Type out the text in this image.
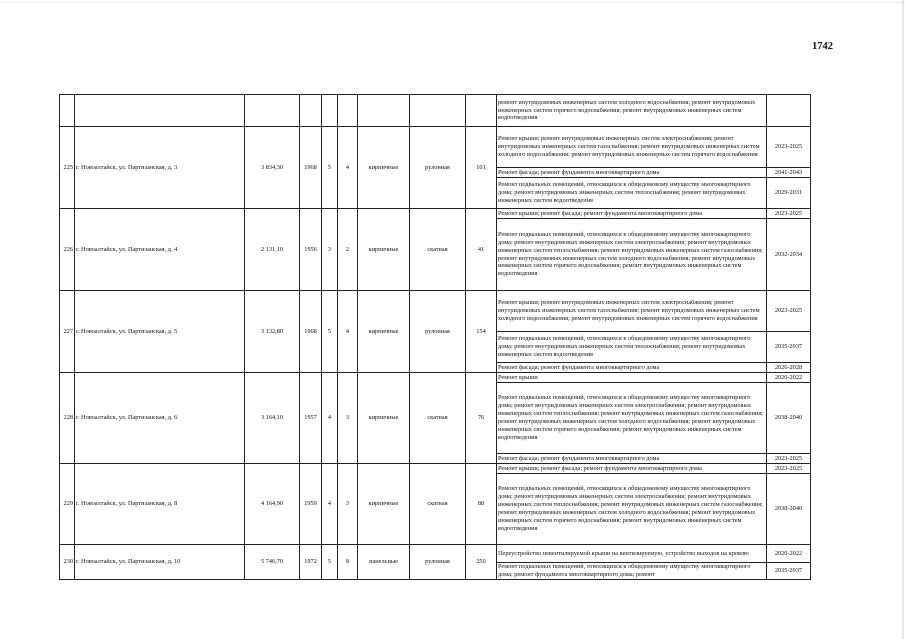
1742
									ремонт внутридомовых инженерных систем холодного водоснабжения; ремонт внутридомовых инженерных систем горячего водоснабжения; ремонт внутридомовых инженерных систем водоотведения	
225	г. Новоалтайск, ул. Партизанская, д. 3	3 834,30	1968	5	4	кирпичные	рулонная	101	Ремонт крыши; ремонт внутридомовых инженерных систем электроснабжения; ремонт внутридомовых инженерных систем газоснабжения; ремонт внутридомовых инженерных систем холодного водоснабжения; ремонт внутридомовых инженерных систем горячего водоснабжения	2023-2025
									Ремонт фасада; ремонт фундамента многоквартирного дома	2041-2043
									Ремонт подвальных помещений, относящихся к общедомовому имуществу многоквартирного дома; ремонт внутридомовых инженерных систем теплоснабжения; ремонт внутридомовых инженерных систем водоотведения	2029-2031
226	г. Новоалтайск, ул. Партизанская, д. 4	2 131,10	1956	3	2	кирпичные	скатная	41	Ремонт крыши; ремонт фасада; ремонт фундамента многоквартирного дома	2023-2025
									Ремонт подвальных помещений, относящихся к общедомовому имуществу многоквартирного дома; ремонт внутридомовых инженерных систем электроснабжения; ремонт внутридомовых инженерных систем теплоснабжения; ремонт внутридомовых инженерных систем газоснабжения; ремонт внутридомовых инженерных систем холодного водоснабжения; ремонт внутридомовых инженерных систем горячего водоснабжения; ремонт внутридомовых инженерных систем водоотведения	2032-2034
227	г. Новоалтайск, ул. Партизанская, д. 5	3 132,80	1968	5	4	кирпичные	рулонная	154	Ремонт крыши; ремонт внутридомовых инженерных систем электроснабжения; ремонт внутридомовых инженерных систем газоснабжения; ремонт внутридомовых инженерных систем холодного водоснабжения; ремонт внутридомовых инженерных систем горячего водоснабжения	2023-2025
									Ремонт подвальных помещений, относящихся к общедомовому имуществу многоквартирного дома; ремонт внутридомовых инженерных систем теплоснабжения; ремонт внутридомовых инженерных систем водоотведения	2035-2037
									Ремонт фасада; ремонт фундамента многоквартирного дома	2026-2028
228	г. Новоалтайск, ул. Партизанская, д. 6	3 164,10	1957	4	3	кирпичные	скатная	76	Ремонт крыши	2020-2022
									Ремонт подвальных помещений, относящихся к общедомовому имуществу многоквартирного дома; ремонт внутридомовых инженерных систем электроснабжения; ремонт внутридомовых инженерных систем теплоснабжения; ремонт внутридомовых инженерных систем газоснабжения; ремонт внутридомовых инженерных систем холодного водоснабжения; ремонт внутридомовых инженерных систем горячего водоснабжения; ремонт внутридомовых инженерных систем водоотведения	2038-2040
									Ремонт фасада; ремонт фундамента многоквартирного дома	2023-2025
229	г. Новоалтайск, ул. Партизанская, д. 8	4 164,90	1959	4	3	кирпичные	скатная	88	Ремонт крыши; ремонт фасада; ремонт фундамента многоквартирного дома	2023-2025
									Ремонт подвальных помещений, относящихся к общедомовому имуществу многоквартирного дома; ремонт внутридомовых инженерных систем электроснабжения; ремонт внутридомовых инженерных систем теплоснабжения; ремонт внутридомовых инженерных систем газоснабжения; ремонт внутридомовых инженерных систем холодного водоснабжения; ремонт внутридомовых инженерных систем горячего водоснабжения; ремонт внутридомовых инженерных систем водоотведения	2038-2040
230	г. Новоалтайск, ул. Партизанская, д. 10	5 746,70	1972	5	8	панельные	рулонная	250	Переустройство невентилируемой крыши на вентилируемую, устройство выходов на кровлю	2020-2022
									Ремонт подвальных помещений, относящихся к общедомовому имуществу многоквартирного дома; ремонт фундамента многоквартирного дома; ремонт	2035-2037
